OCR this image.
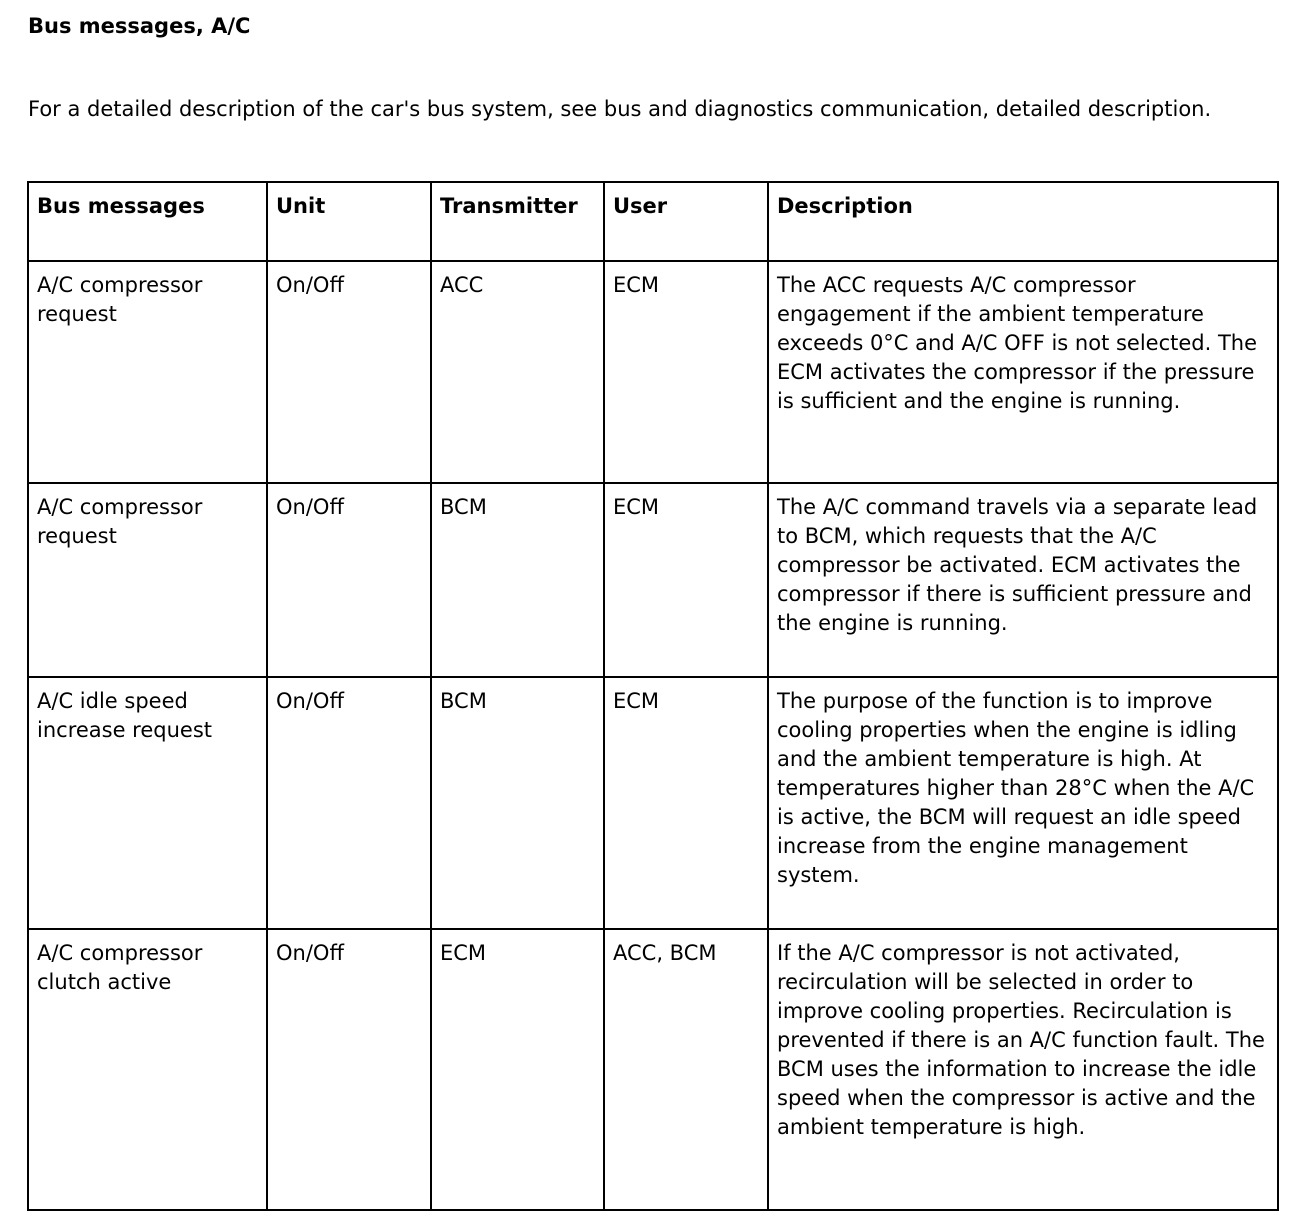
Bus messages, A/C

For a detailed description of the car's bus system, see bus and diagnostics communication, detailed description.

Bus messages	Unit	Transmitter	User	Description
A/C compressor request	On/Off	ACC	ECM	The ACC requests A/C compressor engagement if the ambient temperature exceeds 0°C and A/C OFF is not selected. The ECM activates the compressor if the pressure is sufficient and the engine is running.
A/C compressor request	On/Off	BCM	ECM	The A/C command travels via a separate lead to BCM, which requests that the A/C compressor be activated. ECM activates the compressor if there is sufficient pressure and the engine is running.
A/C idle speed increase request	On/Off	BCM	ECM	The purpose of the function is to improve cooling properties when the engine is idling and the ambient temperature is high. At temperatures higher than 28°C when the A/C is active, the BCM will request an idle speed increase from the engine management system.
A/C compressor clutch active	On/Off	ECM	ACC, BCM	If the A/C compressor is not activated, recirculation will be selected in order to improve cooling properties. Recirculation is prevented if there is an A/C function fault. The BCM uses the information to increase the idle speed when the compressor is active and the ambient temperature is high.
